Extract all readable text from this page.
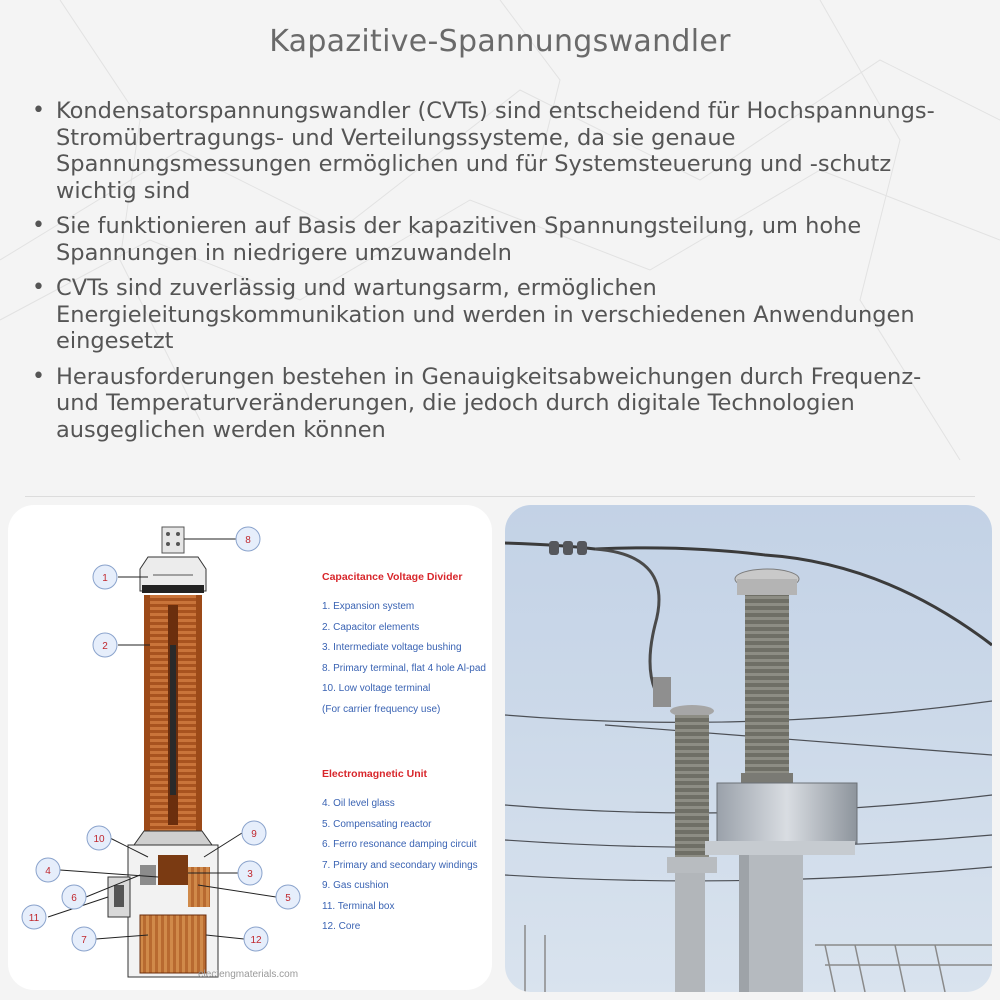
Kapazitive-Spannungswandler
• Kondensatorspannungswandler (CVTs) sind entscheidend für Hochspannungs-Stromübertragungs- und Verteilungssysteme, da sie genaue Spannungsmessungen ermöglichen und für Systemsteuerung und -schutz wichtig sind
• Sie funktionieren auf Basis der kapazitiven Spannungsteilung, um hohe Spannungen in niedrigere umzuwandeln
• CVTs sind zuverlässig und wartungsarm, ermöglichen Energieleitungskommunikation und werden in verschiedenen Anwendungen eingesetzt
• Herausforderungen bestehen in Genauigkeitsabweichungen durch Frequenz- und Temperaturveränderungen, die jedoch durch digitale Technologien ausgeglichen werden können
1
2
8
10	9
4	3
6	5
11
7	12
Capacitance Voltage Divider
1. Expansion system
2. Capacitor elements
3. Intermediate voltage bushing
8. Primary terminal, flat 4 hole Al-pad
10. Low voltage terminal
(For carrier frequency use)
Electromagnetic Unit
4. Oil level glass
5. Compensating reactor
6. Ferro resonance damping circuit
7. Primary and secondary windings
9. Gas cushion
11. Terminal box
12. Core
electengmaterials.com
